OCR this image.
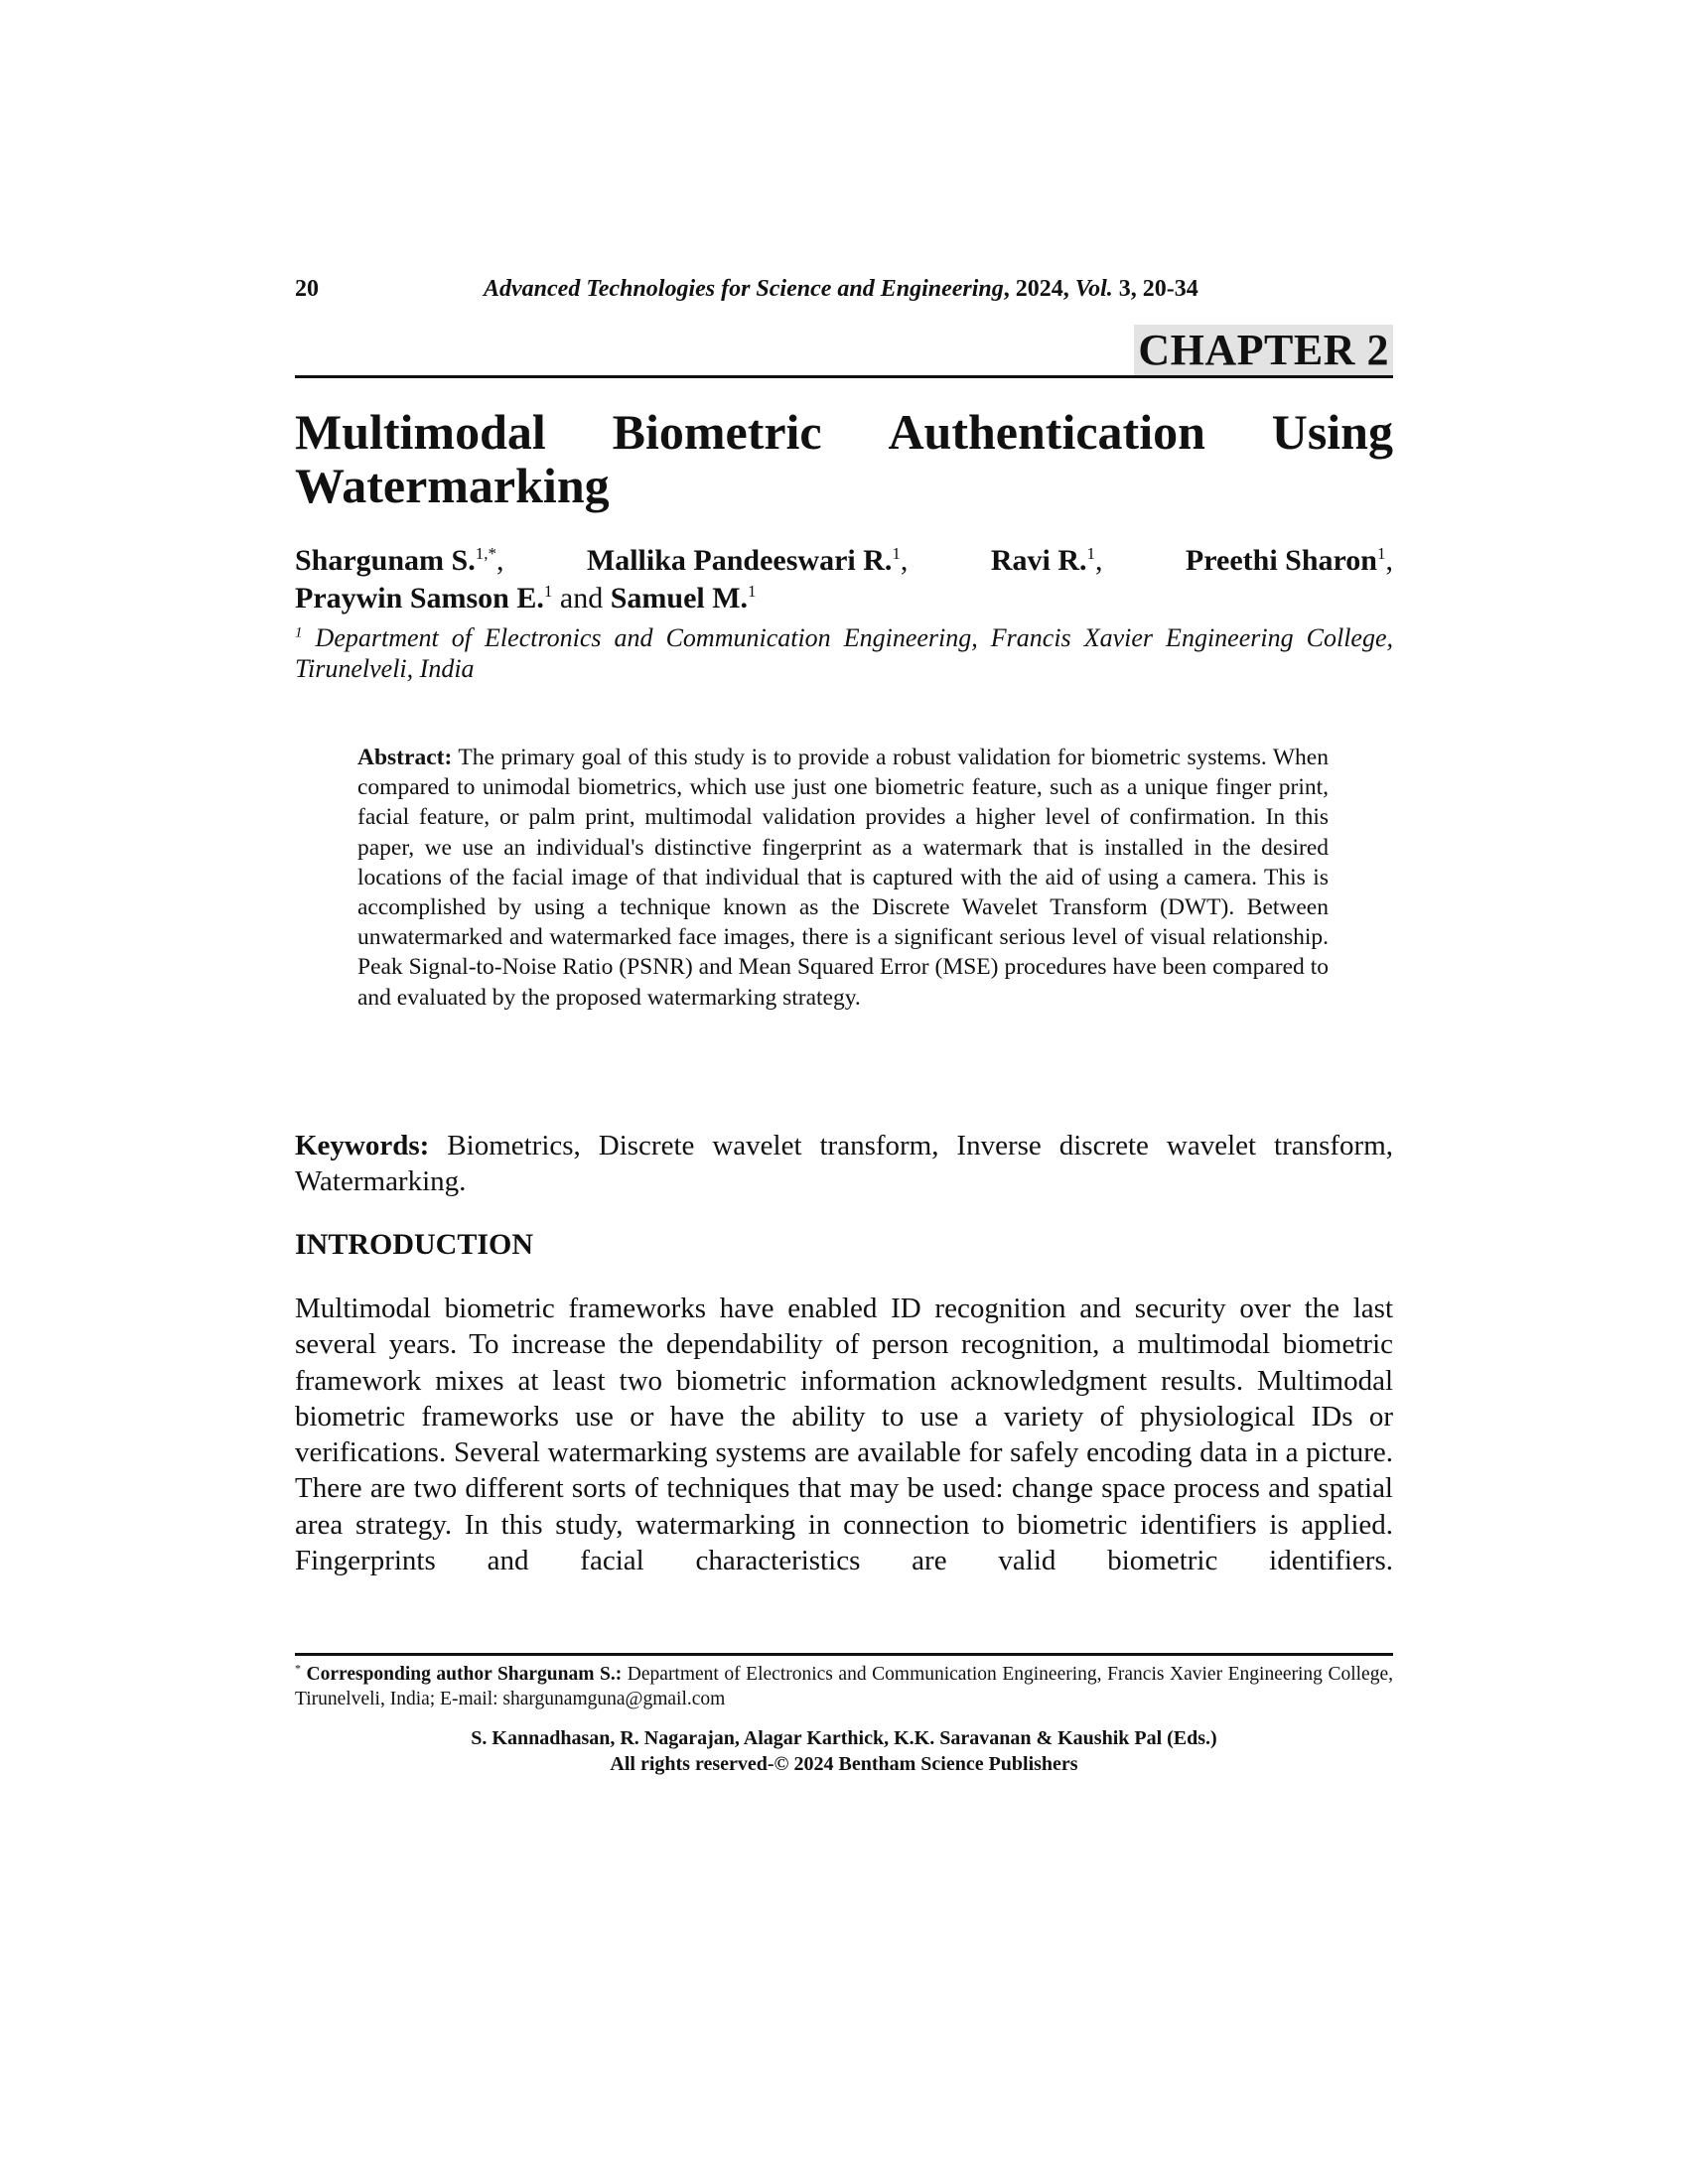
20	Advanced Technologies for Science and Engineering, 2024, Vol. 3, 20-34
CHAPTER 2
Multimodal Biometric Authentication Using
Watermarking
Shargunam S.$^{1,*}$,	Mallika Pandeeswari R.$^1$,	Ravi R.$^1$,	Preethi Sharon$^1$,
Praywin Samson E.$^1$ and Samuel M.$^1$
$^1$ Department of Electronics and Communication Engineering, Francis Xavier Engineering College, Tirunelveli, India
Abstract: The primary goal of this study is to provide a robust validation for biometric systems. When compared to unimodal biometrics, which use just one biometric feature, such as a unique finger print, facial feature, or palm print, multimodal validation provides a higher level of confirmation. In this paper, we use an individual's distinctive fingerprint as a watermark that is installed in the desired locations of the facial image of that individual that is captured with the aid of using a camera. This is accomplished by using a technique known as the Discrete Wavelet Transform (DWT). Between unwatermarked and watermarked face images, there is a significant serious level of visual relationship. Peak Signal-to-Noise Ratio (PSNR) and Mean Squared Error (MSE) procedures have been compared to and evaluated by the proposed watermarking strategy.
Keywords: Biometrics, Discrete wavelet transform, Inverse discrete wavelet transform, Watermarking.
INTRODUCTION
Multimodal biometric frameworks have enabled ID recognition and security over the last several years. To increase the dependability of person recognition, a multimodal biometric framework mixes at least two biometric information acknowledgment results. Multimodal biometric frameworks use or have the ability to use a variety of physiological IDs or verifications. Several watermarking systems are available for safely encoding data in a picture. There are two different sorts of techniques that may be used: change space process and spatial area strategy. In this study, watermarking in connection to biometric identifiers is applied. Fingerprints and facial characteristics are valid biometric identifiers.
* Corresponding author Shargunam S.: Department of Electronics and Communication Engineering, Francis Xavier Engineering College, Tirunelveli, India; E-mail: shargunamguna@gmail.com
S. Kannadhasan, R. Nagarajan, Alagar Karthick, K.K. Saravanan & Kaushik Pal (Eds.)
All rights reserved-© 2024 Bentham Science Publishers
